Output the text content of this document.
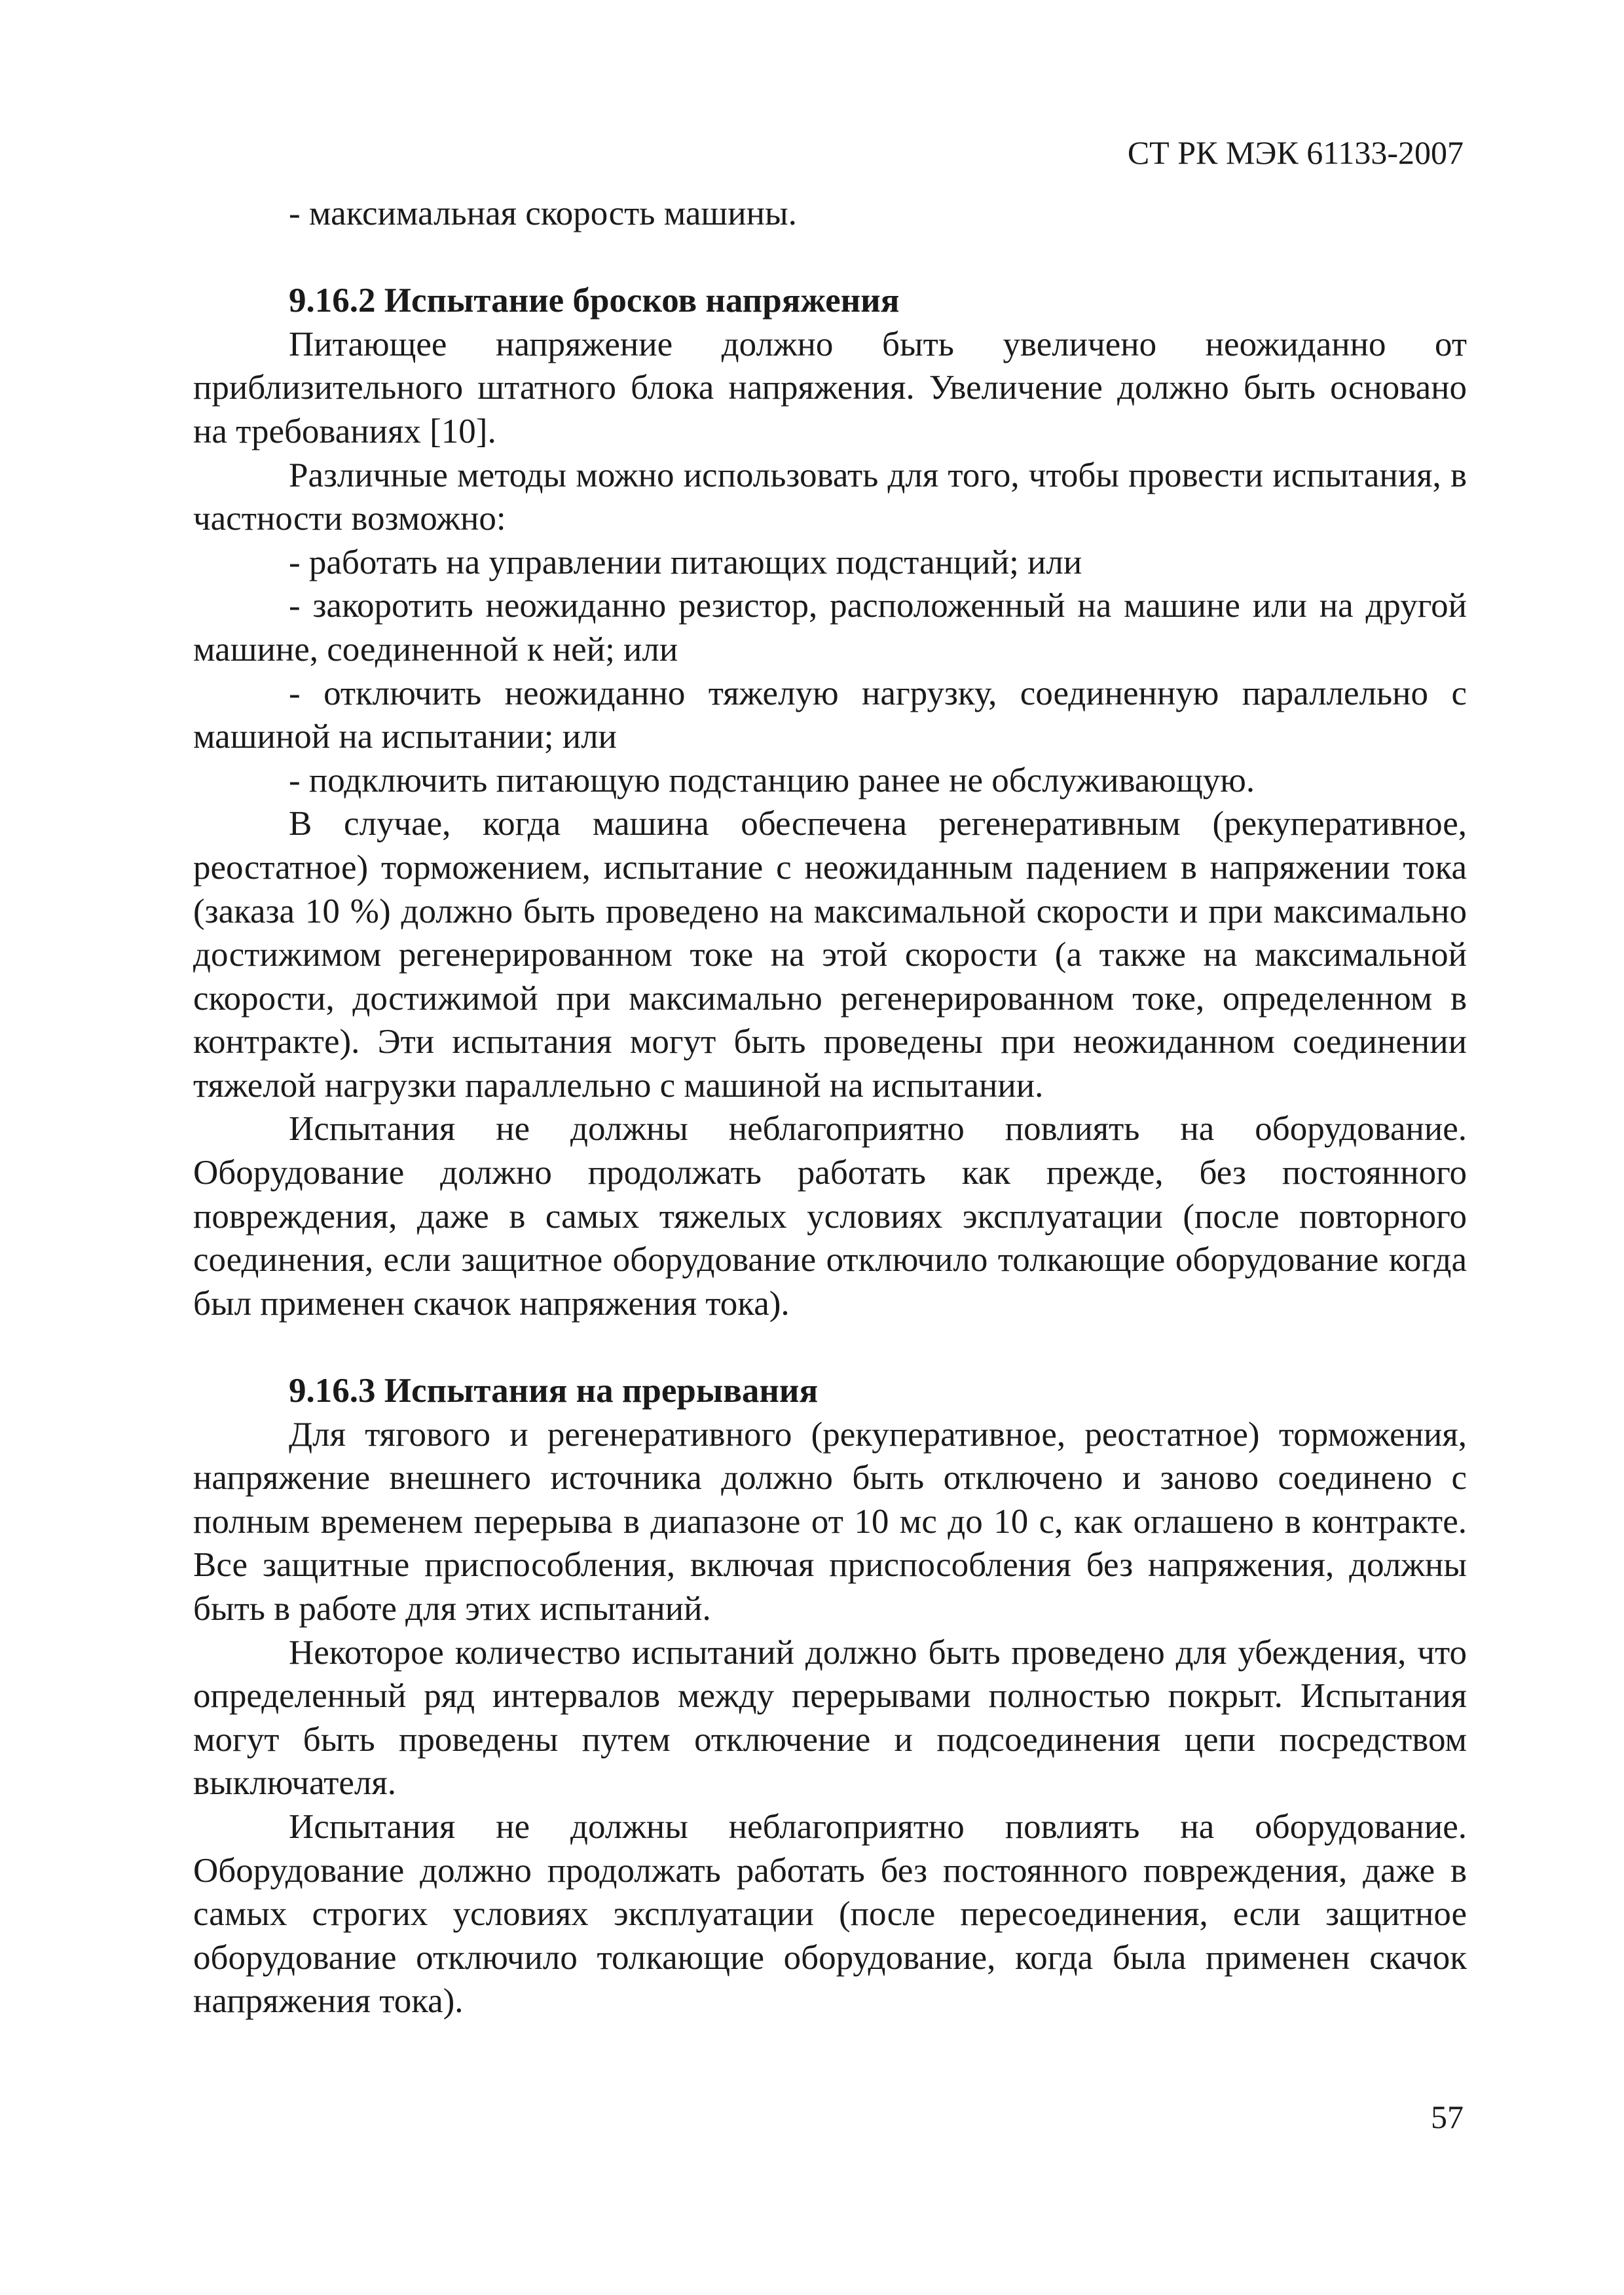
СТ РК МЭК 61133-2007

- максимальная скорость машины.

9.16.2 Испытание бросков напряжения

Питающее напряжение должно быть увеличено неожиданно от приблизительного штатного блока напряжения. Увеличение должно быть основано на требованиях [10].

Различные методы можно использовать для того, чтобы провести испытания, в частности возможно:

- работать на управлении питающих подстанций; или

- закоротить неожиданно резистор, расположенный на машине или на другой машине, соединенной к ней; или

- отключить неожиданно тяжелую нагрузку, соединенную параллельно с машиной на испытании; или

- подключить питающую подстанцию ранее не обслуживающую.

В случае, когда машина обеспечена регенеративным (рекуперативное, реостатное) торможением, испытание с неожиданным падением в напряжении тока (заказа 10 %) должно быть проведено на максимальной скорости и при максимально достижимом регенерированном токе на этой скорости (а также на максимальной скорости, достижимой при максимально регенерированном токе, определенном в контракте). Эти испытания могут быть проведены при неожиданном соединении тяжелой нагрузки параллельно с машиной на испытании.

Испытания не должны неблагоприятно повлиять на оборудование. Оборудование должно продолжать работать как прежде, без постоянного повреждения, даже в самых тяжелых условиях эксплуатации (после повторного соединения, если защитное оборудование отключило толкающие оборудование когда был применен скачок напряжения тока).

9.16.3 Испытания на прерывания

Для тягового и регенеративного (рекуперативное, реостатное) торможения, напряжение внешнего источника должно быть отключено и заново соединено с полным временем перерыва в диапазоне от 10 мс до 10 с, как оглашено в контракте. Все защитные приспособления, включая приспособления без напряжения, должны быть в работе для этих испытаний.

Некоторое количество испытаний должно быть проведено для убеждения, что определенный ряд интервалов между перерывами полностью покрыт. Испытания могут быть проведены путем отключение и подсоединения цепи посредством выключателя.

Испытания не должны неблагоприятно повлиять на оборудование. Оборудование должно продолжать работать без постоянного повреждения, даже в самых строгих условиях эксплуатации (после пересоединения, если защитное оборудование отключило толкающие оборудование, когда была применен скачок напряжения тока).

57
